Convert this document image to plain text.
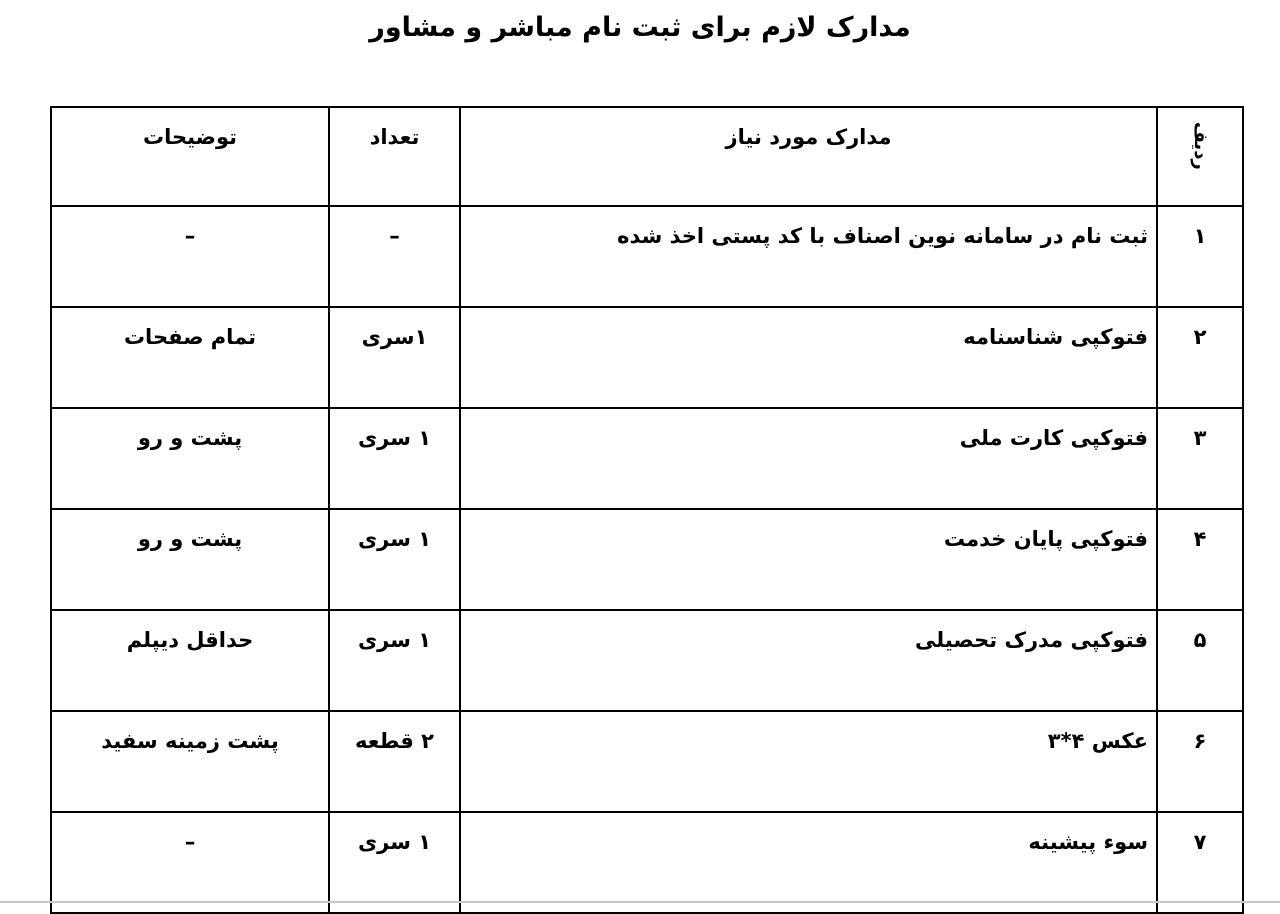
مدارک لازم برای ثبت نام مباشر و مشاور
ردیف	مدارک مورد نیاز	تعداد	توضیحات
۱	ثبت نام در سامانه نوین اصناف با کد پستی اخذ شده	–	–
۲	فتوکپی شناسنامه	۱سری	تمام صفحات
۳	فتوکپی کارت ملی	۱ سری	پشت و رو
۴	فتوکپی پایان خدمت	۱ سری	پشت و رو
۵	فتوکپی مدرک تحصیلی	۱ سری	حداقل دیپلم
۶	عکس ۴*۳	۲ قطعه	پشت زمینه سفید
۷	سوء پیشینه	۱ سری	–
